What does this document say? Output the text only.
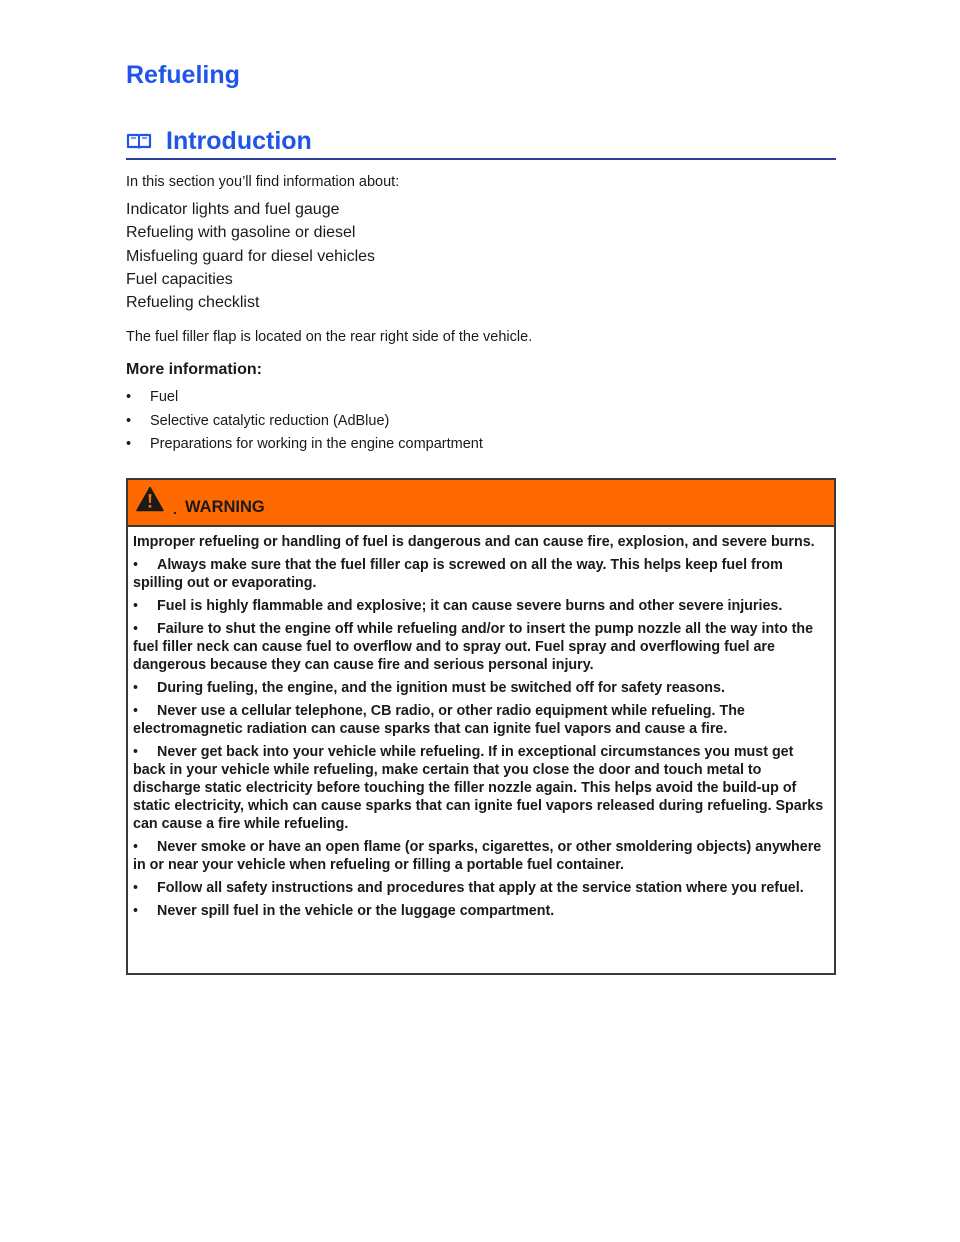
Refueling
Introduction

In this section you’ll find information about:

Indicator lights and fuel gauge
Refueling with gasoline or diesel
Misfueling guard for diesel vehicles
Fuel capacities
Refueling checklist

The fuel filler flap is located on the rear right side of the vehicle.

More information:
• Fuel
• Selective catalytic reduction (AdBlue)
• Preparations for working in the engine compartment
. WARNING

Improper refueling or handling of fuel is dangerous and can cause fire, explosion, and severe burns.

• Always make sure that the fuel filler cap is screwed on all the way. This helps keep fuel from spilling out or evaporating.

• Fuel is highly flammable and explosive; it can cause severe burns and other severe injuries.

• Failure to shut the engine off while refueling and/or to insert the pump nozzle all the way into the fuel filler neck can cause fuel to overflow and to spray out. Fuel spray and overflowing fuel are dangerous because they can cause fire and serious personal injury.

• During fueling, the engine, and the ignition must be switched off for safety reasons.

• Never use a cellular telephone, CB radio, or other radio equipment while refueling. The electromagnetic radiation can cause sparks that can ignite fuel vapors and cause a fire.

• Never get back into your vehicle while refueling. If in exceptional circumstances you must get back in your vehicle while refueling, make certain that you close the door and touch metal to discharge static electricity before touching the filler nozzle again. This helps avoid the build-up of static electricity, which can cause sparks that can ignite fuel vapors released during refueling. Sparks can cause a fire while refueling.

• Never smoke or have an open flame (or sparks, cigarettes, or other smoldering objects) anywhere in or near your vehicle when refueling or filling a portable fuel container.

• Follow all safety instructions and procedures that apply at the service station where you refuel.

• Never spill fuel in the vehicle or the luggage compartment.
